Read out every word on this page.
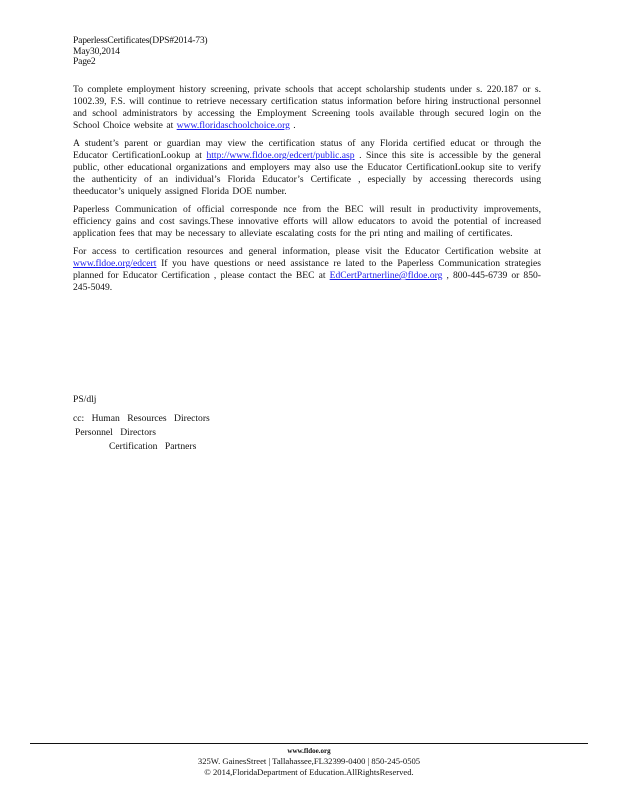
PaperlessCertificates(DPS#2014-73)
May30,2014
Page2

To complete employment history screening, private schools that accept scholarship students under s. 220.187 or s. 1002.39, F.S. will continue to retrieve necessary certification status information before hiring instructional personnel and school administrators by accessing the Employment Screening tools available through secured login on the School Choice website at www.floridaschoolchoice.org .

A student’s parent or guardian may view the certification status of any Florida certified educat or through the Educator CertificationLookup at http://www.fldoe.org/edcert/public.asp . Since this site is accessible by the general public, other educational organizations and employers may also use the Educator CertificationLookup site to verify the authenticity of an individual’s Florida Educator’s Certificate , especially by accessing therecords using theeducator’s uniquely assigned Florida DOE number.

Paperless Communication of official corresponde nce from the BEC will result in productivity improvements, efficiency gains and cost savings.These innovative efforts will allow educators to avoid the potential of increased application fees that may be necessary to alleviate escalating costs for the pri nting and mailing of certificates.

For access to certification resources and general information, please visit the Educator Certification website at www.fldoe.org/edcert If you have questions or need assistance re lated to the Paperless Communication strategies planned for Educator Certification , please contact the BEC at EdCertPartnerline@fldoe.org , 800-445-6739 or 850-245-5049.

PS/dlj
cc: Human Resources Directors
Personnel Directors
Certification Partners
www.fldoe.org
325W. GainesStreet | Tallahassee,FL32399-0400 | 850-245-0505
© 2014,FloridaDepartment of Education.AllRightsReserved.
